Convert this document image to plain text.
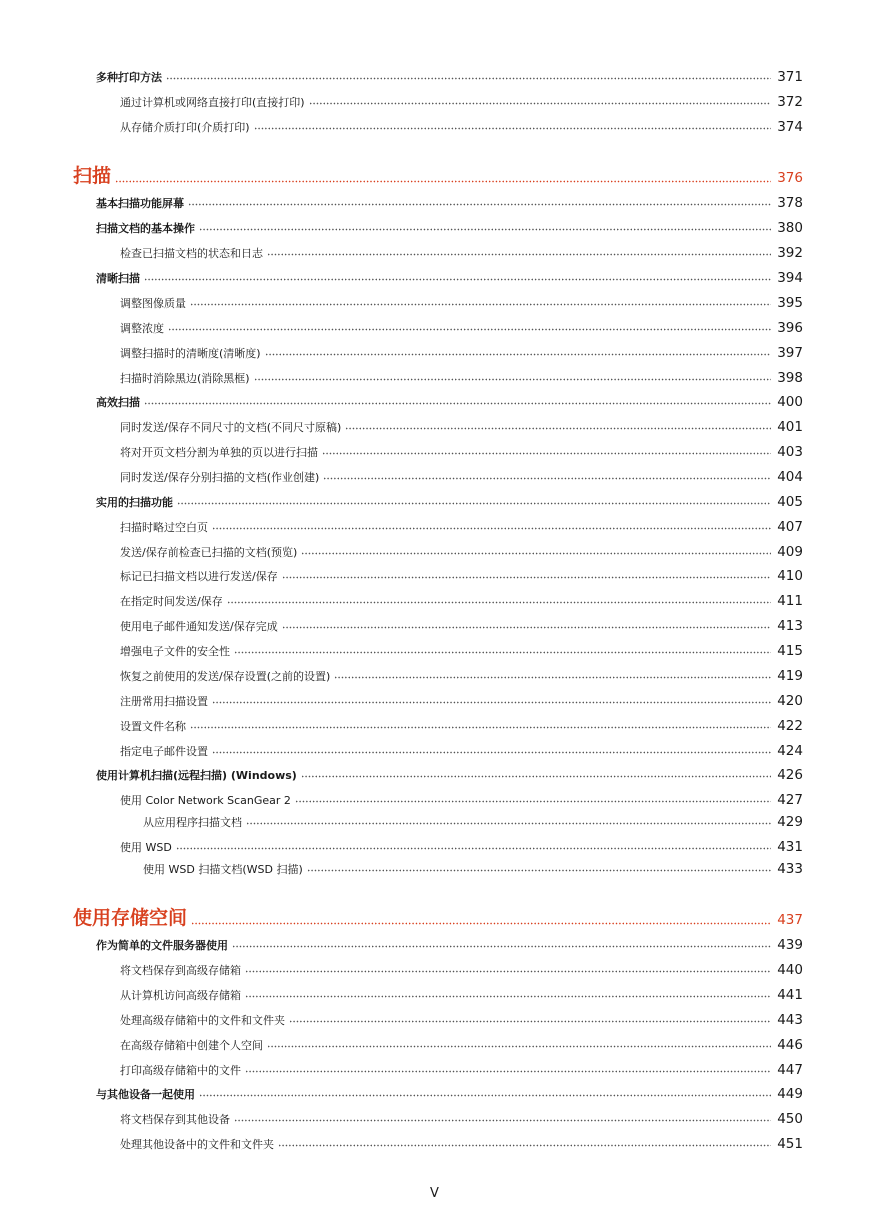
多种打印方法	371
通过计算机或网络直接打印(直接打印)	372
从存储介质打印(介质打印)	374
扫描	376
基本扫描功能屏幕	378
扫描文档的基本操作	380
检查已扫描文档的状态和日志	392
清晰扫描	394
调整图像质量	395
调整浓度	396
调整扫描时的清晰度(清晰度)	397
扫描时消除黑边(消除黑框)	398
高效扫描	400
同时发送/保存不同尺寸的文档(不同尺寸原稿)	401
将对开页文档分割为单独的页以进行扫描	403
同时发送/保存分别扫描的文档(作业创建)	404
实用的扫描功能	405
扫描时略过空白页	407
发送/保存前检查已扫描的文档(预览)	409
标记已扫描文档以进行发送/保存	410
在指定时间发送/保存	411
使用电子邮件通知发送/保存完成	413
增强电子文件的安全性	415
恢复之前使用的发送/保存设置(之前的设置)	419
注册常用扫描设置	420
设置文件名称	422
指定电子邮件设置	424
使用计算机扫描(远程扫描) (Windows)	426
使用 Color Network ScanGear 2	427
从应用程序扫描文档	429
使用 WSD	431
使用 WSD 扫描文档(WSD 扫描)	433
使用存储空间	437
作为简单的文件服务器使用	439
将文档保存到高级存储箱	440
从计算机访问高级存储箱	441
处理高级存储箱中的文件和文件夹	443
在高级存储箱中创建个人空间	446
打印高级存储箱中的文件	447
与其他设备一起使用	449
将文档保存到其他设备	450
处理其他设备中的文件和文件夹	451
V
